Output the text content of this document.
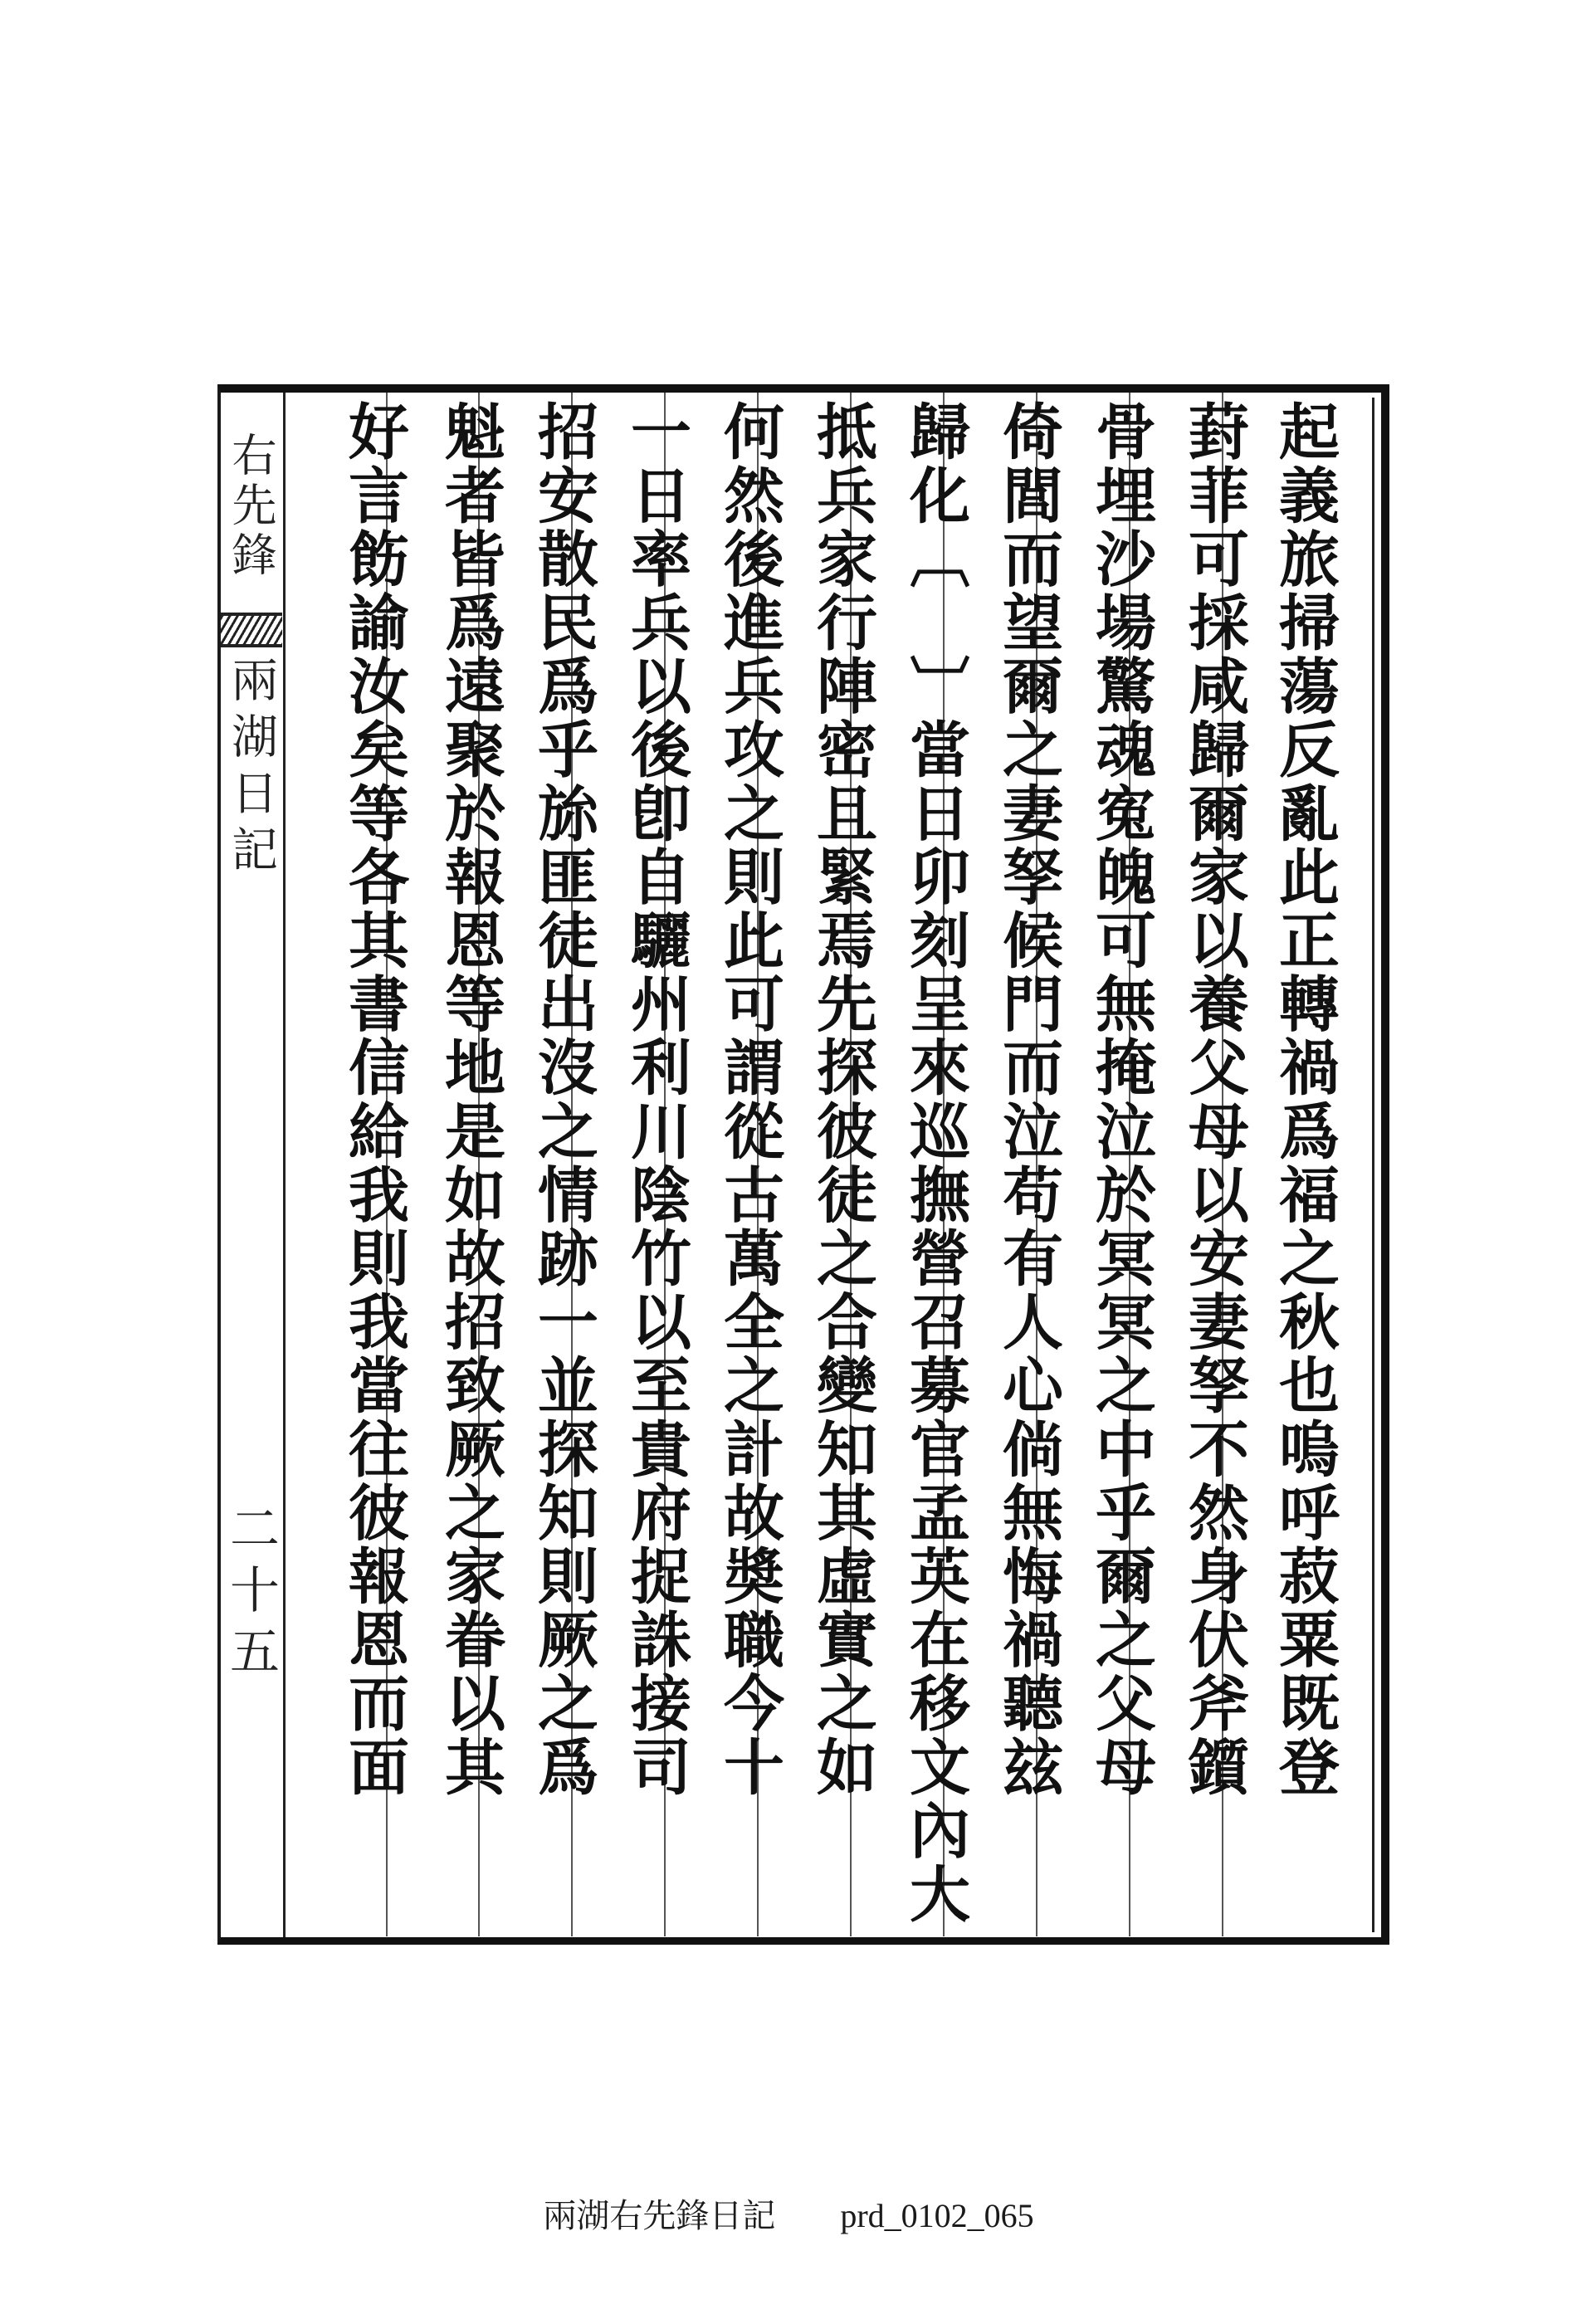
右先鋒
兩湖日記
二十五	起義旅掃蕩反亂此正轉禍爲福之秋也嗚呼菽粟既登
葑菲可採咸歸爾家以養父母以安妻孥不然身伏斧鑕
骨埋沙場驚魂寃魄可無掩泣於冥冥之中乎爾之父母
倚閭而望爾之妻孥候門而泣苟有人心倘無悔禍聽玆
歸化〔　〕當日卯刻呈來巡撫營召募官孟英在移文內大
抵兵家行陣密且緊焉先探彼徒之合變知其虛實之如
何然後進兵攻之則此可謂從古萬全之計故奬職今十
一日率兵以後卽自驪州利川陰竹以至貴府捉誅接司
招安散民爲乎旀匪徒出沒之情跡一並探知則厥之爲
魁者皆爲遠聚於報恩等地是如故招致厥之家眷以其
好言飭諭汝矣等各其書信給我則我當往彼報恩而面
兩湖右先鋒日記 prd_0102_065
